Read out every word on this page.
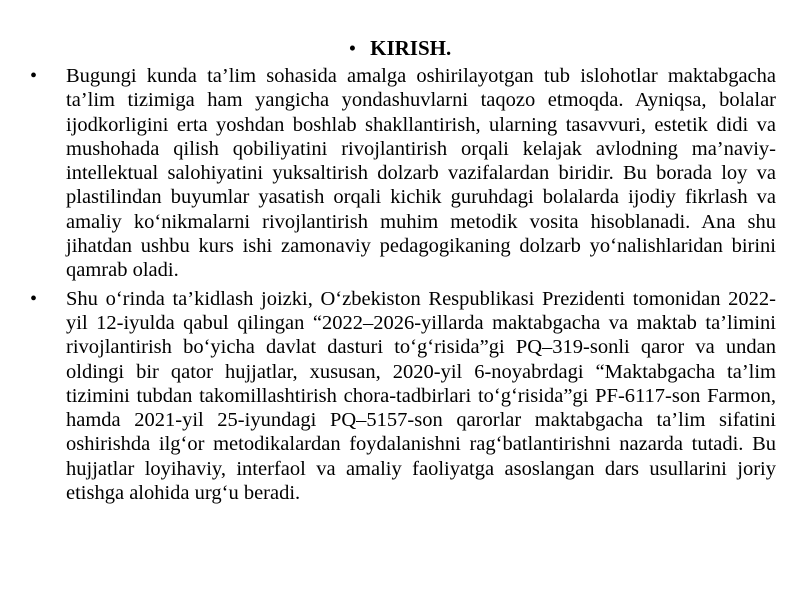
• KIRISH.

• Bugungi kunda ta’lim sohasida amalga oshirilayotgan tub islohotlar maktabgacha ta’lim tizimiga ham yangicha yondashuvlarni taqozo etmoqda. Ayniqsa, bolalar ijodkorligini erta yoshdan boshlab shakllantirish, ularning tasavvuri, estetik didi va mushohada qilish qobiliyatini rivojlantirish orqali kelajak avlodning ma’naviy-intellektual salohiyatini yuksaltirish dolzarb vazifalardan biridir. Bu borada loy va plastilindan buyumlar yasatish orqali kichik guruhdagi bolalarda ijodiy fikrlash va amaliy ko‘nikmalarni rivojlantirish muhim metodik vosita hisoblanadi. Ana shu jihatdan ushbu kurs ishi zamonaviy pedagogikaning dolzarb yo‘nalishlaridan birini qamrab oladi.

• Shu o‘rinda ta’kidlash joizki, O‘zbekiston Respublikasi Prezidenti tomonidan 2022-yil 12-iyulda qabul qilingan “2022–2026-yillarda maktabgacha va maktab ta’limini rivojlantirish bo‘yicha davlat dasturi to‘g‘risida”gi PQ–319-sonli qaror va undan oldingi bir qator hujjatlar, xususan, 2020-yil 6-noyabrdagi “Maktabgacha ta’lim tizimini tubdan takomillashtirish chora-tadbirlari to‘g‘risida”gi PF-6117-son Farmon, hamda 2021-yil 25-iyundagi PQ–5157-son qarorlar maktabgacha ta’lim sifatini oshirishda ilg‘or metodikalardan foydalanishni rag‘batlantirishni nazarda tutadi. Bu hujjatlar loyihaviy, interfaol va amaliy faoliyatga asoslangan dars usullarini joriy etishga alohida urg‘u beradi.
